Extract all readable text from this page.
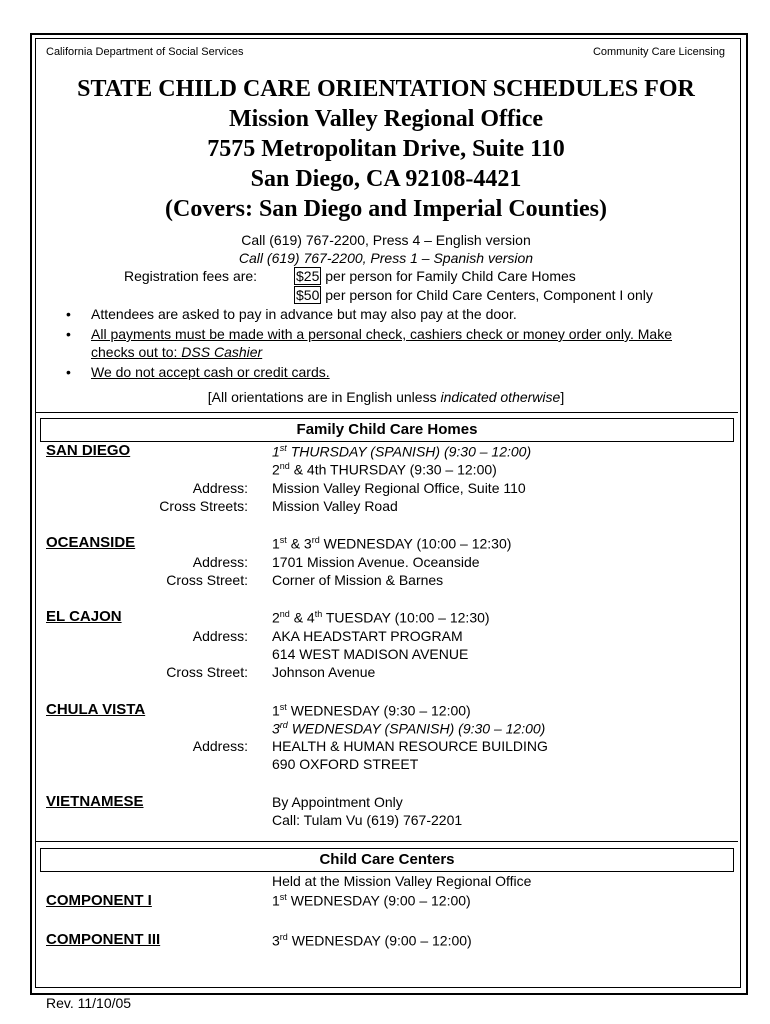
California Department of Social Services	Community Care Licensing
STATE CHILD CARE ORIENTATION SCHEDULES FOR
Mission Valley Regional Office
7575 Metropolitan Drive, Suite 110
San Diego, CA 92108-4421
(Covers: San Diego and Imperial Counties)
Call (619) 767-2200, Press 4 – English version
Call (619) 767-2200, Press 1 – Spanish version
Registration fees are:	$25 per person for Family Child Care Homes
$50 per person for Child Care Centers, Component I only
• Attendees are asked to pay in advance but may also pay at the door.
• All payments must be made with a personal check, cashiers check or money order only. Make
checks out to: DSS Cashier
• We do not accept cash or credit cards.
[All orientations are in English unless indicated otherwise]
Family Child Care Homes
SAN DIEGO	1st THURSDAY (SPANISH) (9:30 – 12:00)
2nd & 4th THURSDAY (9:30 – 12:00)
Address: Mission Valley Regional Office, Suite 110
Cross Streets: Mission Valley Road
OCEANSIDE	1st & 3rd WEDNESDAY (10:00 – 12:30)
Address: 1701 Mission Avenue. Oceanside
Cross Street: Corner of Mission & Barnes
EL CAJON	2nd & 4th TUESDAY (10:00 – 12:30)
Address: AKA HEADSTART PROGRAM
614 WEST MADISON AVENUE
Cross Street: Johnson Avenue
CHULA VISTA	1st WEDNESDAY (9:30 – 12:00)
3rd WEDNESDAY (SPANISH) (9:30 – 12:00)
Address: HEALTH & HUMAN RESOURCE BUILDING
690 OXFORD STREET
VIETNAMESE	By Appointment Only
Call: Tulam Vu (619) 767-2201
Child Care Centers
Held at the Mission Valley Regional Office
COMPONENT I	1st WEDNESDAY (9:00 – 12:00)
COMPONENT III	3rd WEDNESDAY (9:00 – 12:00)
Rev. 11/10/05
